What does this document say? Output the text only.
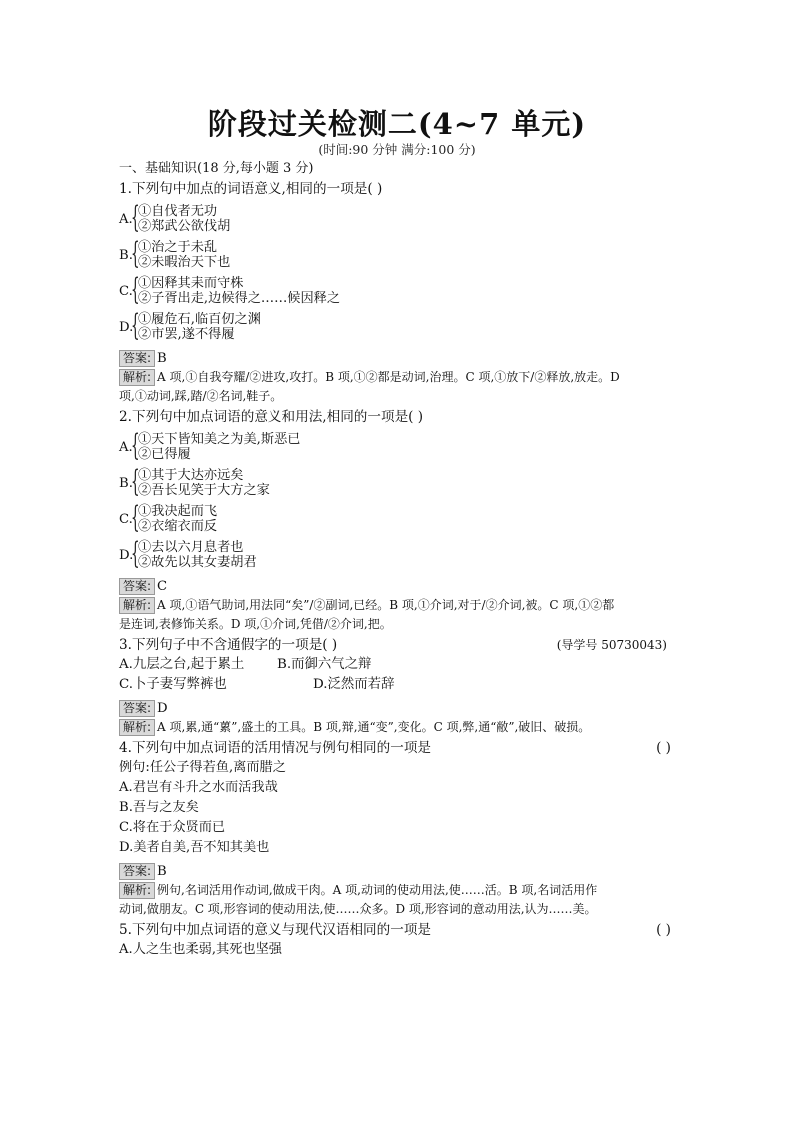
阶段过关检测二(4~7 单元)
(时间:90 分钟 满分:100 分)
一、基础知识(18 分,每小题 3 分)
1.下列句中加点的词语意义,相同的一项是( )
A.
{
①自伐者无功
②郑武公欲伐胡
B.
{
①治之于未乱
②未暇治天下也
C.
{
①因释其耒而守株
②子胥出走,边候得之……候因释之
D.
{
①履危石,临百仞之渊
②市罢,遂不得履
答案: B
解析: A 项,①自我夸耀/②进攻,攻打。B 项,①②都是动词,治理。C 项,①放下/②释放,放走。D
项,①动词,踩,踏/②名词,鞋子。
2.下列句中加点词语的意义和用法,相同的一项是( )
A.
{
①天下皆知美之为美,斯恶已
②已得履
B.
{
①其于大达亦远矣
②吾长见笑于大方之家
C.
{
①我决起而飞
②衣缩衣而反
D.
{
①去以六月息者也
②故先以其女妻胡君
答案: C
解析: A 项,①语气助词,用法同“矣”/②副词,已经。B 项,①介词,对于/②介词,被。C 项,①②都
是连词,表修饰关系。D 项,①介词,凭借/②介词,把。
3.下列句子中不含通假字的一项是( )	(导学号 50730043)
A.九层之台,起于累土 B.而御六气之辩
C.卜子妻写弊裤也	D.泛然而若辞
答案: D
解析: A 项,累,通“蔂”,盛土的工具。B 项,辩,通“变”,变化。C 项,弊,通“敝”,破旧、破损。
4.下列句中加点词语的活用情况与例句相同的一项是	( )
例句:任公子得若鱼,离而腊之
A.君岂有斗升之水而活我哉
B.吾与之友矣
C.将在于众贤而已
D.美者自美,吾不知其美也
答案: B
解析: 例句,名词活用作动词,做成干肉。A 项,动词的使动用法,使……活。B 项,名词活用作
动词,做朋友。C 项,形容词的使动用法,使……众多。D 项,形容词的意动用法,认为……美。
5.下列句中加点词语的意义与现代汉语相同的一项是	( )
A.人之生也柔弱,其死也坚强
